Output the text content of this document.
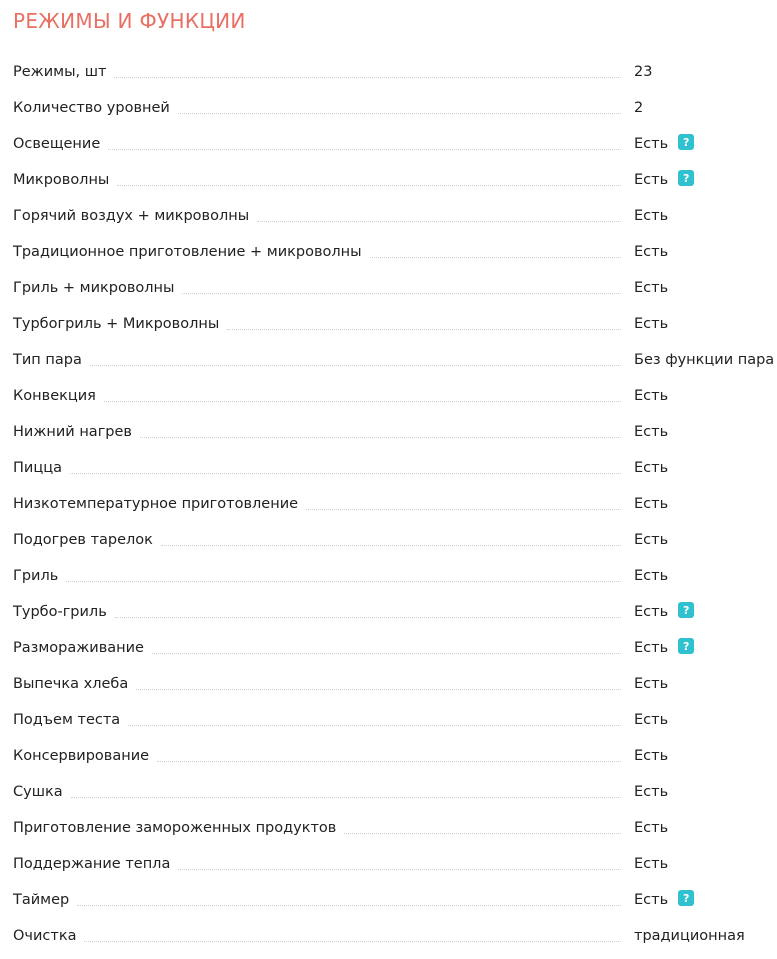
РЕЖИМЫ И ФУНКЦИИ
Режимы, шт	23
Количество уровней	2
Освещение	Есть	?
Микроволны	Есть	?
Горячий воздух + микроволны	Есть
Традиционное приготовление + микроволны	Есть
Гриль + микроволны	Есть
Турбогриль + Микроволны	Есть
Тип пара	Без функции пара
Конвекция	Есть
Нижний нагрев	Есть
Пицца	Есть
Низкотемпературное приготовление	Есть
Подогрев тарелок	Есть
Гриль	Есть
Турбо-гриль	Есть	?
Размораживание	Есть	?
Выпечка хлеба	Есть
Подъем теста	Есть
Консервирование	Есть
Сушка	Есть
Приготовление замороженных продуктов	Есть
Поддержание тепла	Есть
Таймер	Есть	?
Очистка	традиционная
